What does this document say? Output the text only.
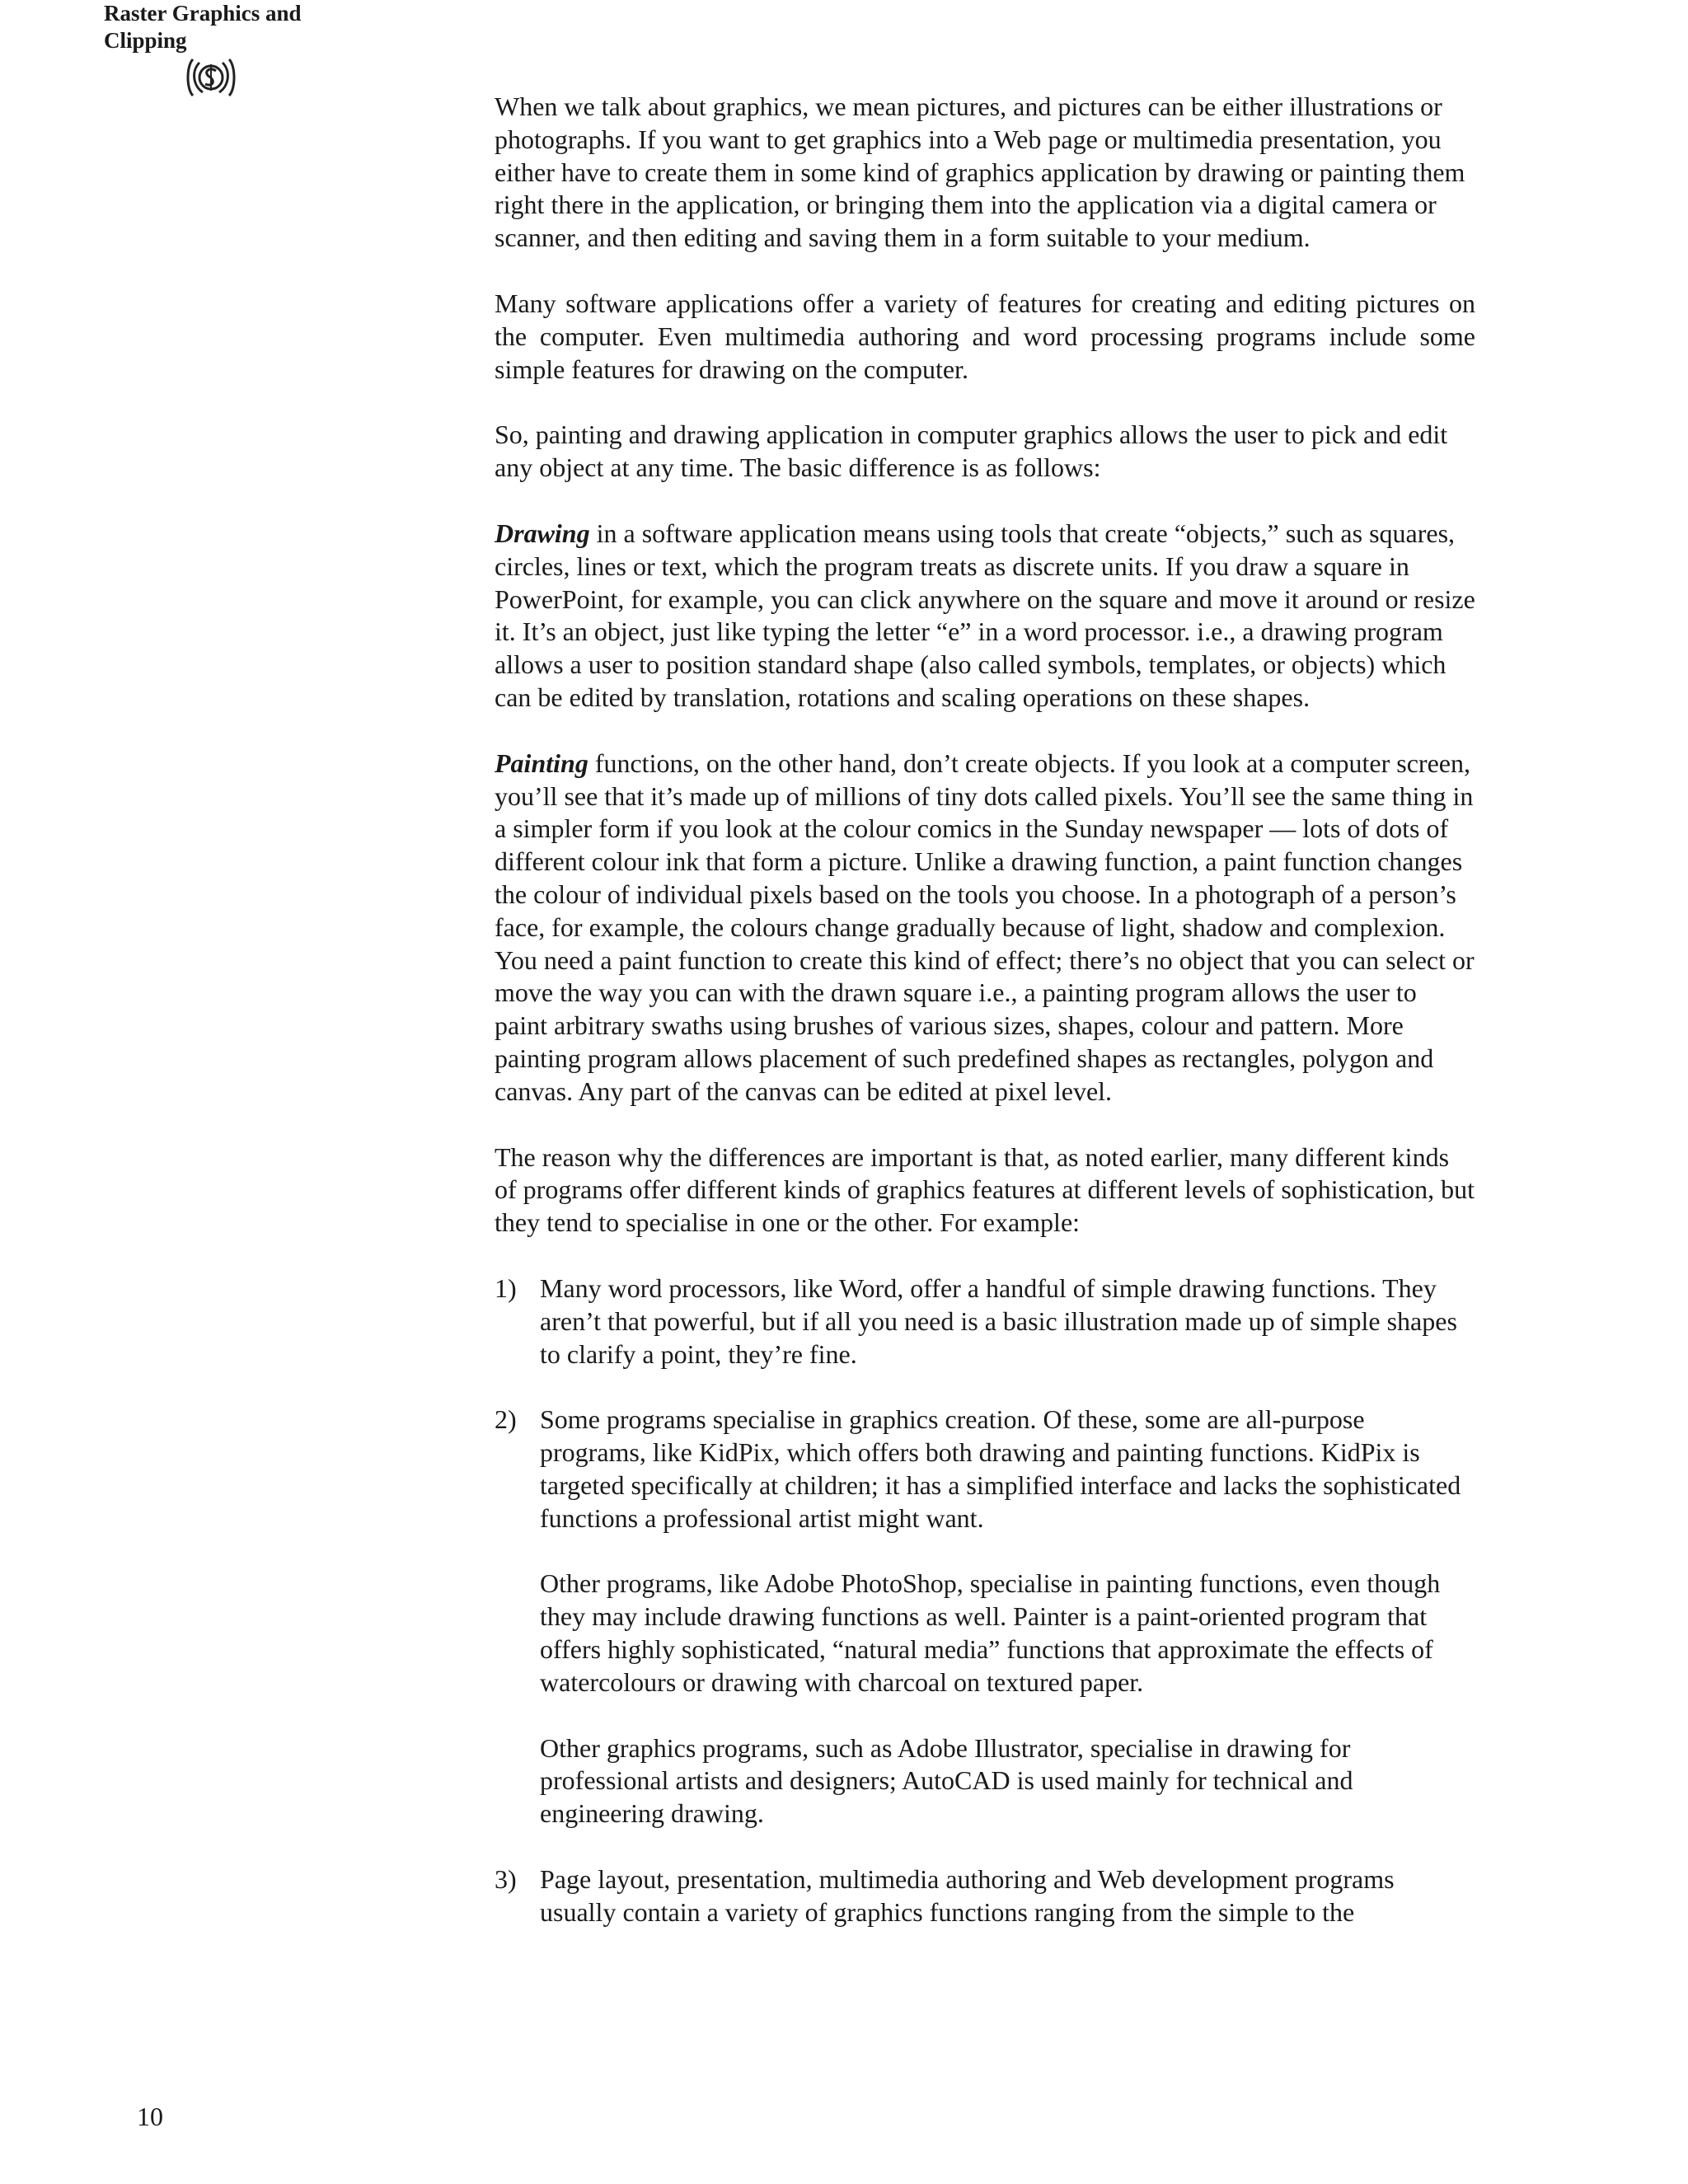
Raster Graphics and
Clipping

When we talk about graphics, we mean pictures, and pictures can be either illustrations or photographs. If you want to get graphics into a Web page or multimedia presentation, you either have to create them in some kind of graphics application by drawing or painting them right there in the application, or bringing them into the application via a digital camera or scanner, and then editing and saving them in a form suitable to your medium.

Many software applications offer a variety of features for creating and editing pictures on the computer. Even multimedia authoring and word processing programs include some simple features for drawing on the computer.

So, painting and drawing application in computer graphics allows the user to pick and edit any object at any time. The basic difference is as follows:

Drawing in a software application means using tools that create “objects,” such as squares, circles, lines or text, which the program treats as discrete units. If you draw a square in PowerPoint, for example, you can click anywhere on the square and move it around or resize it. It’s an object, just like typing the letter “e” in a word processor. i.e., a drawing program allows a user to position standard shape (also called symbols, templates, or objects) which can be edited by translation, rotations and scaling operations on these shapes.

Painting functions, on the other hand, don’t create objects. If you look at a computer screen, you’ll see that it’s made up of millions of tiny dots called pixels. You’ll see the same thing in a simpler form if you look at the colour comics in the Sunday newspaper — lots of dots of different colour ink that form a picture. Unlike a drawing function, a paint function changes the colour of individual pixels based on the tools you choose. In a photograph of a person’s face, for example, the colours change gradually because of light, shadow and complexion. You need a paint function to create this kind of effect; there’s no object that you can select or move the way you can with the drawn square i.e., a painting program allows the user to paint arbitrary swaths using brushes of various sizes, shapes, colour and pattern. More painting program allows placement of such predefined shapes as rectangles, polygon and canvas. Any part of the canvas can be edited at pixel level.

The reason why the differences are important is that, as noted earlier, many different kinds of programs offer different kinds of graphics features at different levels of sophistication, but they tend to specialise in one or the other. For example:

1) Many word processors, like Word, offer a handful of simple drawing functions. They aren’t that powerful, but if all you need is a basic illustration made up of simple shapes to clarify a point, they’re fine.

2) Some programs specialise in graphics creation. Of these, some are all-purpose programs, like KidPix, which offers both drawing and painting functions. KidPix is targeted specifically at children; it has a simplified interface and lacks the sophisticated functions a professional artist might want.

Other programs, like Adobe PhotoShop, specialise in painting functions, even though they may include drawing functions as well. Painter is a paint-oriented program that offers highly sophisticated, “natural media” functions that approximate the effects of watercolours or drawing with charcoal on textured paper.

Other graphics programs, such as Adobe Illustrator, specialise in drawing for professional artists and designers; AutoCAD is used mainly for technical and engineering drawing.

3) Page layout, presentation, multimedia authoring and Web development programs usually contain a variety of graphics functions ranging from the simple to the

10
